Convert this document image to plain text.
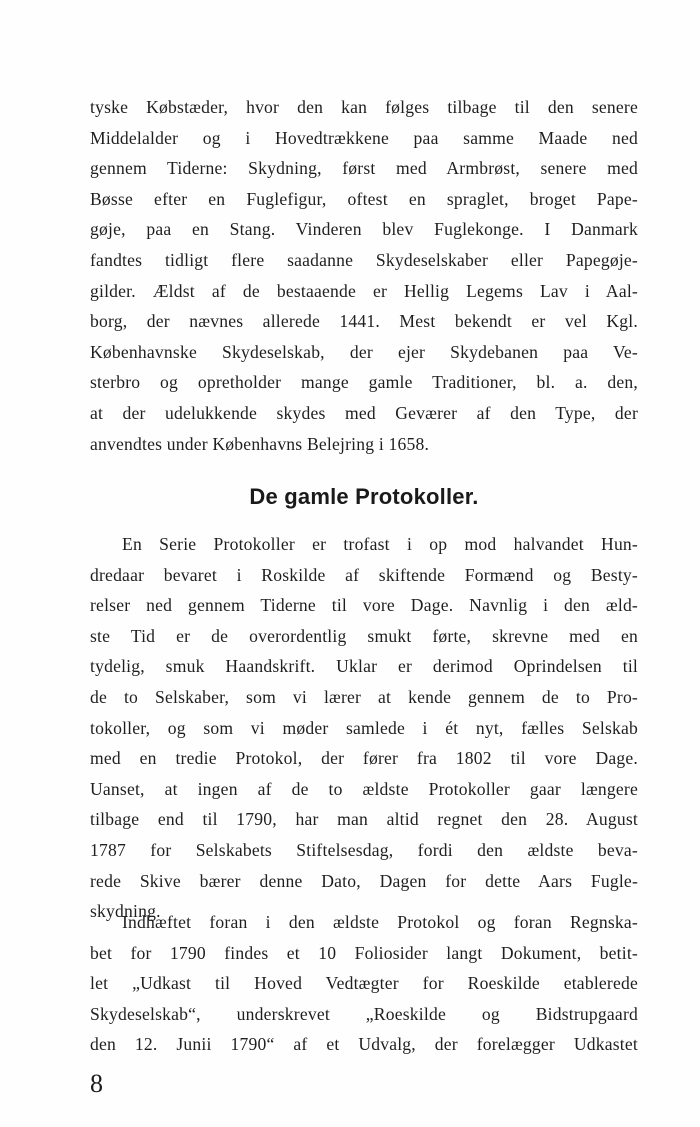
tyske Købstæder, hvor den kan følges tilbage til den senere
Middelalder og i Hovedtrækkene paa samme Maade ned
gennem Tiderne: Skydning, først med Armbrøst, senere med
Bøsse efter en Fuglefigur, oftest en spraglet, broget Pape-
gøje, paa en Stang. Vinderen blev Fuglekonge. I Danmark
fandtes tidligt flere saadanne Skydeselskaber eller Papegøje-
gilder. Ældst af de bestaaende er Hellig Legems Lav i Aal-
borg, der nævnes allerede 1441. Mest bekendt er vel Kgl.
Københavnske Skydeselskab, der ejer Skydebanen paa Ve-
sterbro og opretholder mange gamle Traditioner, bl. a. den,
at der udelukkende skydes med Geværer af den Type, der
anvendtes under Københavns Belejring i 1658.
De gamle Protokoller.
En Serie Protokoller er trofast i op mod halvandet Hun-
dredaar bevaret i Roskilde af skiftende Formænd og Besty-
relser ned gennem Tiderne til vore Dage. Navnlig i den æld-
ste Tid er de overordentlig smukt førte, skrevne med en
tydelig, smuk Haandskrift. Uklar er derimod Oprindelsen til
de to Selskaber, som vi lærer at kende gennem de to Pro-
tokoller, og som vi møder samlede i ét nyt, fælles Selskab
med en tredie Protokol, der fører fra 1802 til vore Dage.
Uanset, at ingen af de to ældste Protokoller gaar længere
tilbage end til 1790, har man altid regnet den 28. August
1787 for Selskabets Stiftelsesdag, fordi den ældste beva-
rede Skive bærer denne Dato, Dagen for dette Aars Fugle-
skydning.
Indhæftet foran i den ældste Protokol og foran Regnska-
bet for 1790 findes et 10 Foliosider langt Dokument, betit-
let „Udkast til Hoved Vedtægter for Roeskilde etablerede
Skydeselskab“, underskrevet „Roeskilde og Bidstrupgaard
den 12. Junii 1790“ af et Udvalg, der forelægger Udkastet
8
